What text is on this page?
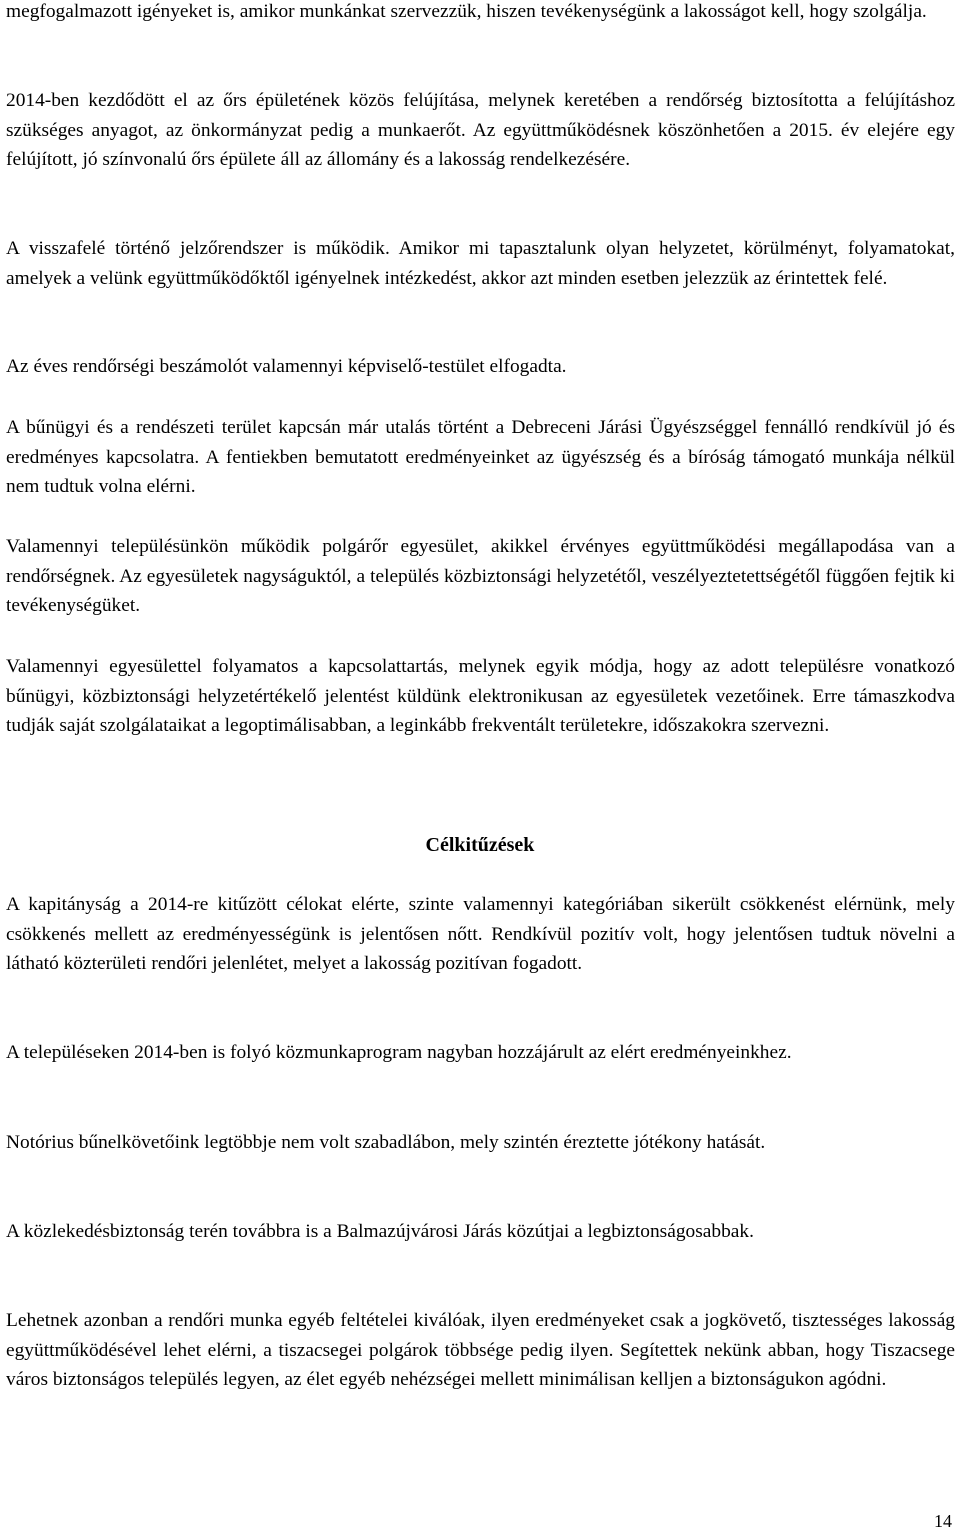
megfogalmazott igényeket is, amikor munkánkat szervezzük, hiszen tevékenységünk a lakosságot kell, hogy szolgálja.

2014-ben kezdődött el az őrs épületének közös felújítása, melynek keretében a rendőrség biztosította a felújításhoz szükséges anyagot, az önkormányzat pedig a munkaerőt. Az együttműködésnek köszönhetően a 2015. év elejére egy felújított, jó színvonalú őrs épülete áll az állomány és a lakosság rendelkezésére.

A visszafelé történő jelzőrendszer is működik. Amikor mi tapasztalunk olyan helyzetet, körülményt, folyamatokat, amelyek a velünk együttműködőktől igényelnek intézkedést, akkor azt minden esetben jelezzük az érintettek felé.

Az éves rendőrségi beszámolót valamennyi képviselő-testület elfogadta.

A bűnügyi és a rendészeti terület kapcsán már utalás történt a Debreceni Járási Ügyészséggel fennálló rendkívül jó és eredményes kapcsolatra. A fentiekben bemutatott eredményeinket az ügyészség és a bíróság támogató munkája nélkül nem tudtuk volna elérni.

Valamennyi településünkön működik polgárőr egyesület, akikkel érvényes együttműködési megállapodása van a rendőrségnek. Az egyesületek nagyságuktól, a település közbiztonsági helyzetétől, veszélyeztetettségétől függően fejtik ki tevékenységüket.

Valamennyi egyesülettel folyamatos a kapcsolattartás, melynek egyik módja, hogy az adott településre vonatkozó bűnügyi, közbiztonsági helyzetértékelő jelentést küldünk elektronikusan az egyesületek vezetőinek. Erre támaszkodva tudják saját szolgálataikat a legoptimálisabban, a leginkább frekventált területekre, időszakokra szervezni.

Célkitűzések

A kapitányság a 2014-re kitűzött célokat elérte, szinte valamennyi kategóriában sikerült csökkenést elérnünk, mely csökkenés mellett az eredményességünk is jelentősen nőtt. Rendkívül pozitív volt, hogy jelentősen tudtuk növelni a látható közterületi rendőri jelenlétet, melyet a lakosság pozitívan fogadott.

A településeken 2014-ben is folyó közmunkaprogram nagyban hozzájárult az elért eredményeinkhez.

Notórius bűnelkövetőink legtöbbje nem volt szabadlábon, mely szintén éreztette jótékony hatását.

A közlekedésbiztonság terén továbbra is a Balmazújvárosi Járás közútjai a legbiztonságosabbak.

Lehetnek azonban a rendőri munka egyéb feltételei kiválóak, ilyen eredményeket csak a jogkövető, tisztességes lakosság együttműködésével lehet elérni, a tiszacsegei polgárok többsége pedig ilyen. Segítettek nekünk abban, hogy Tiszacsege város biztonságos település legyen, az élet egyéb nehézségei mellett minimálisan kelljen a biztonságukon agódni.

14
